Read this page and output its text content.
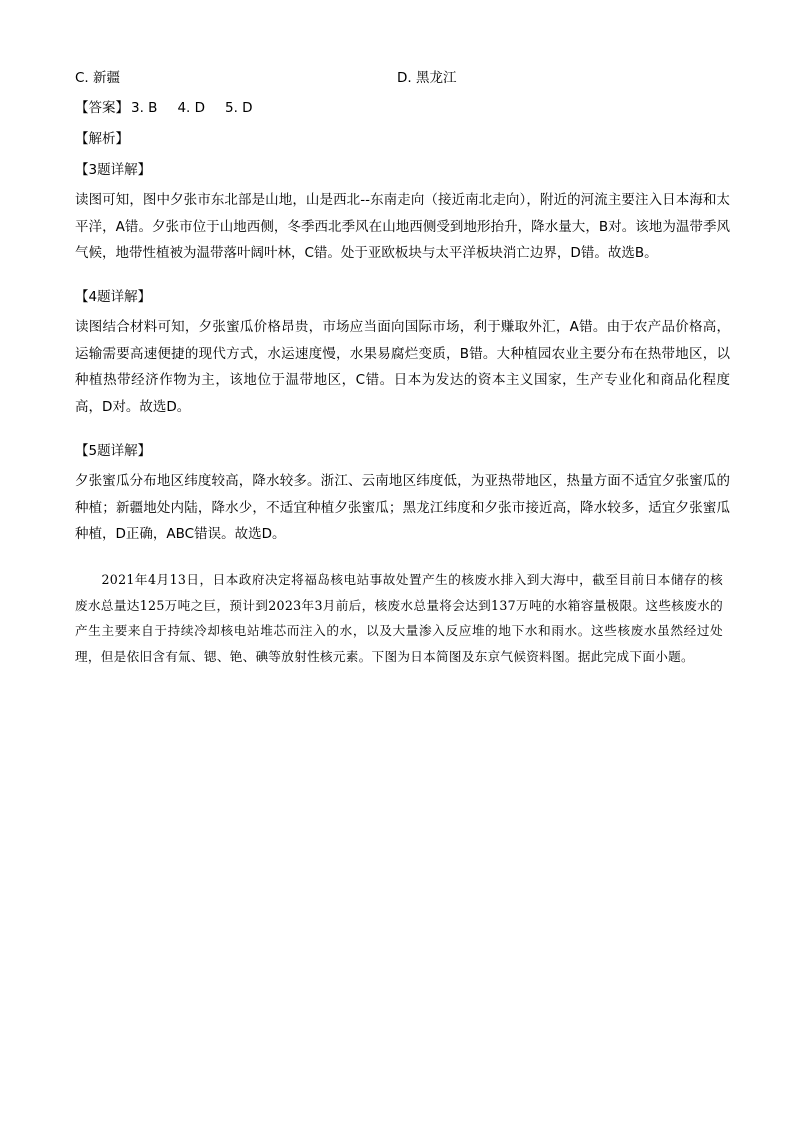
C. 新疆	D. 黑龙江
【答案】 3. B 4. D 5. D
【解析】
【3题详解】
读图可知，图中夕张市东北部是山地，山是西北--东南走向（接近南北走向），附近的河流主要注入日本海和太平洋，A错。夕张市位于山地西侧，冬季西北季风在山地西侧受到地形抬升，降水量大，B对。该地为温带季风气候，地带性植被为温带落叶阔叶林，C错。处于亚欧板块与太平洋板块消亡边界，D错。故选B。
【4题详解】
读图结合材料可知，夕张蜜瓜价格昂贵，市场应当面向国际市场，利于赚取外汇，A错。由于农产品价格高，运输需要高速便捷的现代方式，水运速度慢，水果易腐烂变质，B错。大种植园农业主要分布在热带地区，以种植热带经济作物为主，该地位于温带地区，C错。日本为发达的资本主义国家，生产专业化和商品化程度高，D对。故选D。
【5题详解】
夕张蜜瓜分布地区纬度较高，降水较多。浙江、云南地区纬度低，为亚热带地区，热量方面不适宜夕张蜜瓜的种植；新疆地处内陆，降水少，不适宜种植夕张蜜瓜；黑龙江纬度和夕张市接近高，降水较多，适宜夕张蜜瓜种植，D正确，ABC错误。故选D。
2021年4月13日，日本政府决定将福岛核电站事故处置产生的核废水排入到大海中，截至目前日本储存的核废水总量达125万吨之巨，预计到2023年3月前后，核废水总量将会达到137万吨的水箱容量极限。这些核废水的产生主要来自于持续冷却核电站堆芯而注入的水，以及大量渗入反应堆的地下水和雨水。这些核废水虽然经过处理，但是依旧含有氚、锶、铯、碘等放射性核元素。下图为日本简图及东京气候资料图。据此完成下面小题。
